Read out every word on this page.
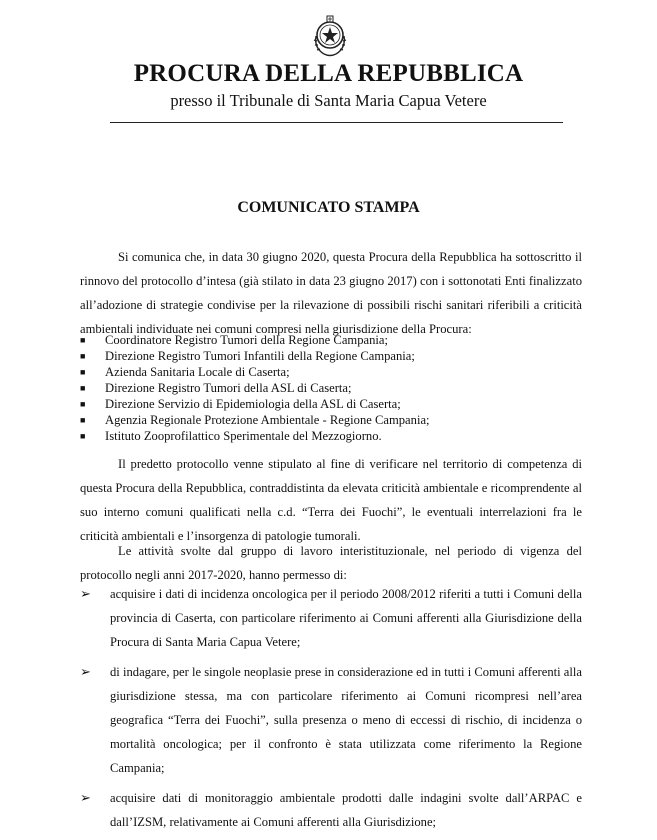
PROCURA DELLA REPUBBLICA
presso il Tribunale di Santa Maria Capua Vetere
COMUNICATO STAMPA

Si comunica che, in data 30 giugno 2020, questa Procura della Repubblica ha sottoscritto il rinnovo del protocollo d’intesa (già stilato in data 23 giugno 2017) con i sottonotati Enti finalizzato all’adozione di strategie condivise per la rilevazione di possibili rischi sanitari riferibili a criticità ambientali individuate nei comuni compresi nella giurisdizione della Procura:

■	Coordinatore Registro Tumori della Regione Campania;
■	Direzione Registro Tumori Infantili della Regione Campania;
■	Azienda Sanitaria Locale di Caserta;
■	Direzione Registro Tumori della ASL di Caserta;
■	Direzione Servizio di Epidemiologia della ASL di Caserta;
■	Agenzia Regionale Protezione Ambientale - Regione Campania;
■	Istituto Zooprofilattico Sperimentale del Mezzogiorno.

Il predetto protocollo venne stipulato al fine di verificare nel territorio di competenza di questa Procura della Repubblica, contraddistinta da elevata criticità ambientale e ricomprendente al suo interno comuni qualificati nella c.d. “Terra dei Fuochi”, le eventuali interrelazioni fra le criticità ambientali e l’insorgenza di patologie tumorali.

Le attività svolte dal gruppo di lavoro interistituzionale, nel periodo di vigenza del protocollo negli anni 2017-2020, hanno permesso di:

➢	acquisire i dati di incidenza oncologica per il periodo 2008/2012 riferiti a tutti i Comuni della provincia di Caserta, con particolare riferimento ai Comuni afferenti alla Giurisdizione della Procura di Santa Maria Capua Vetere;
➢	di indagare, per le singole neoplasie prese in considerazione ed in tutti i Comuni afferenti alla giurisdizione stessa, ma con particolare riferimento ai Comuni ricompresi nell’area geografica “Terra dei Fuochi”, sulla presenza o meno di eccessi di rischio, di incidenza o mortalità oncologica; per il confronto è stata utilizzata come riferimento la Regione Campania;
➢	acquisire dati di monitoraggio ambientale prodotti dalle indagini svolte dall’ARPAC e dall’IZSM, relativamente ai Comuni afferenti alla Giurisdizione;
